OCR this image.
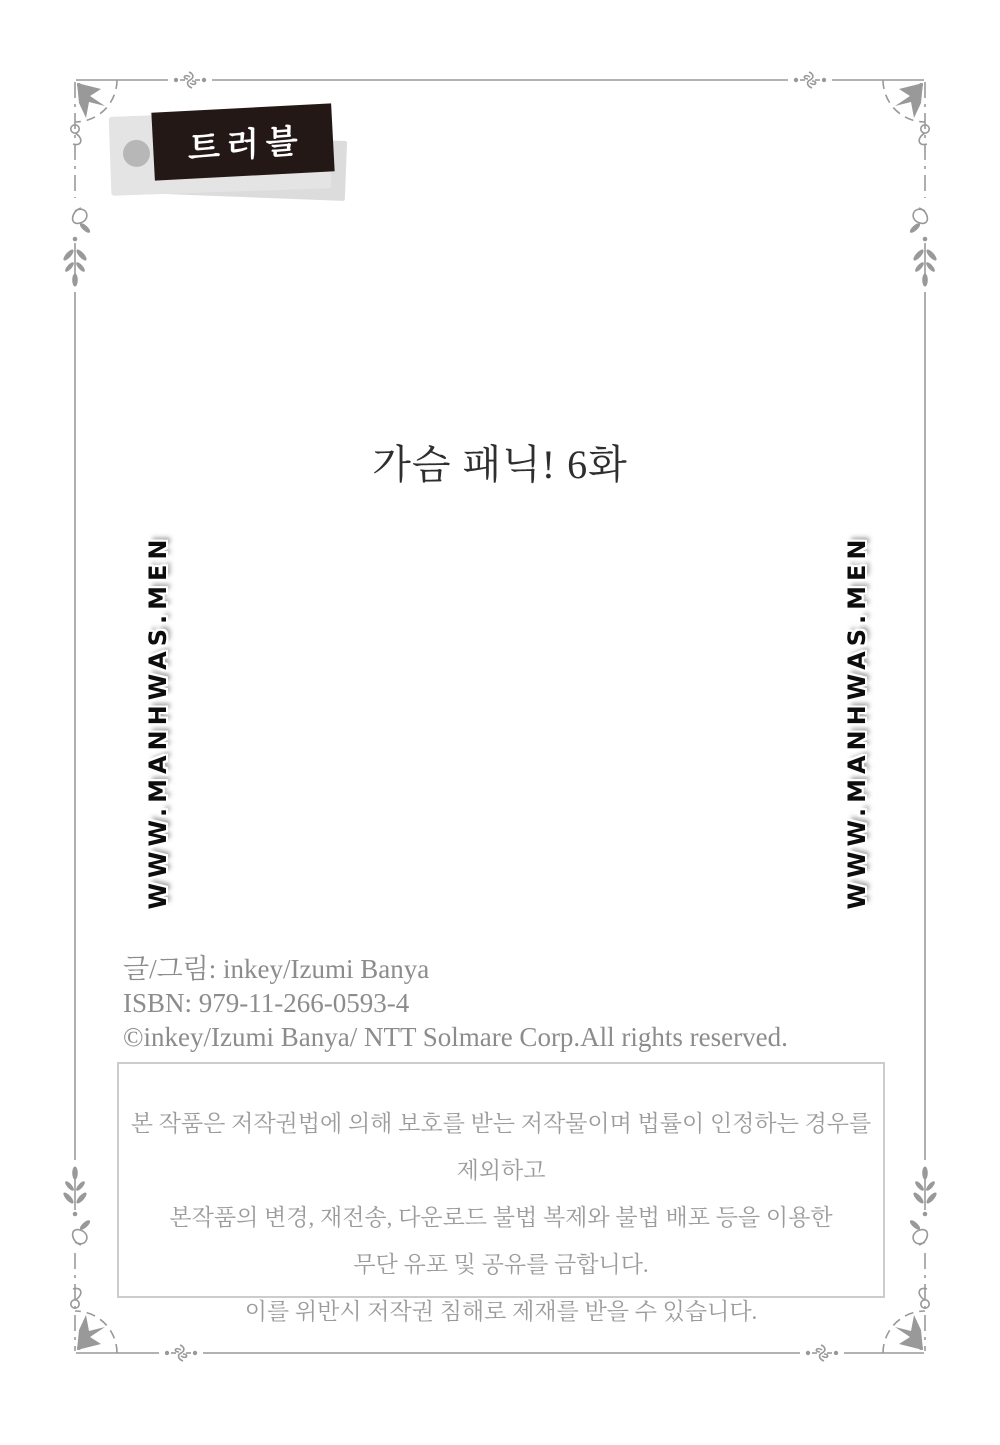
트러블
가슴 패닉! 6화
WWW.MANHWAS.MEN	WWW.MANHWAS.MEN
글/그림: inkey/Izumi Banya
ISBN: 979-11-266-0593-4
©inkey/Izumi Banya/ NTT Solmare Corp.All rights reserved.
본 작품은 저작권법에 의해 보호를 받는 저작물이며 법률이 인정하는 경우를 제외하고
본작품의 변경, 재전송, 다운로드 불법 복제와 불법 배포 등을 이용한
무단 유포 및 공유를 금합니다.
이를 위반시 저작권 침해로 제재를 받을 수 있습니다.
